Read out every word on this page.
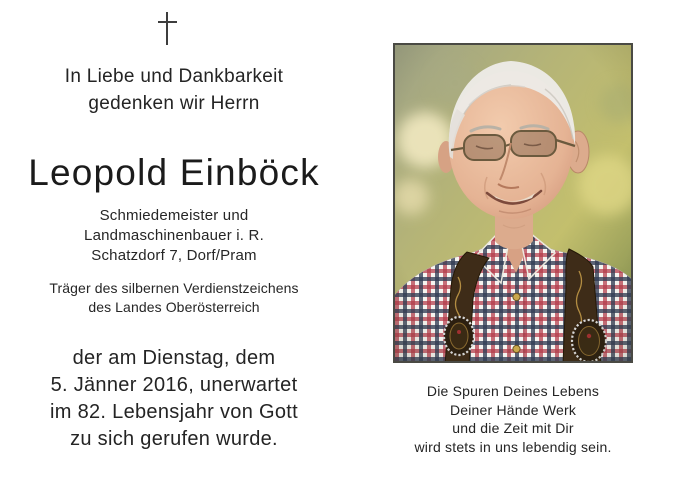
In Liebe und Dankbarkeit
gedenken wir Herrn
Leopold Einböck
Schmiedemeister und
Landmaschinenbauer i. R.
Schatzdorf 7, Dorf/Pram
Träger des silbernen Verdienstzeichens
des Landes Oberösterreich
der am Dienstag, dem
5. Jänner 2016, unerwartet
im 82. Lebensjahr von Gott
zu sich gerufen wurde.
Die Spuren Deines Lebens
Deiner Hände Werk
und die Zeit mit Dir
wird stets in uns lebendig sein.
